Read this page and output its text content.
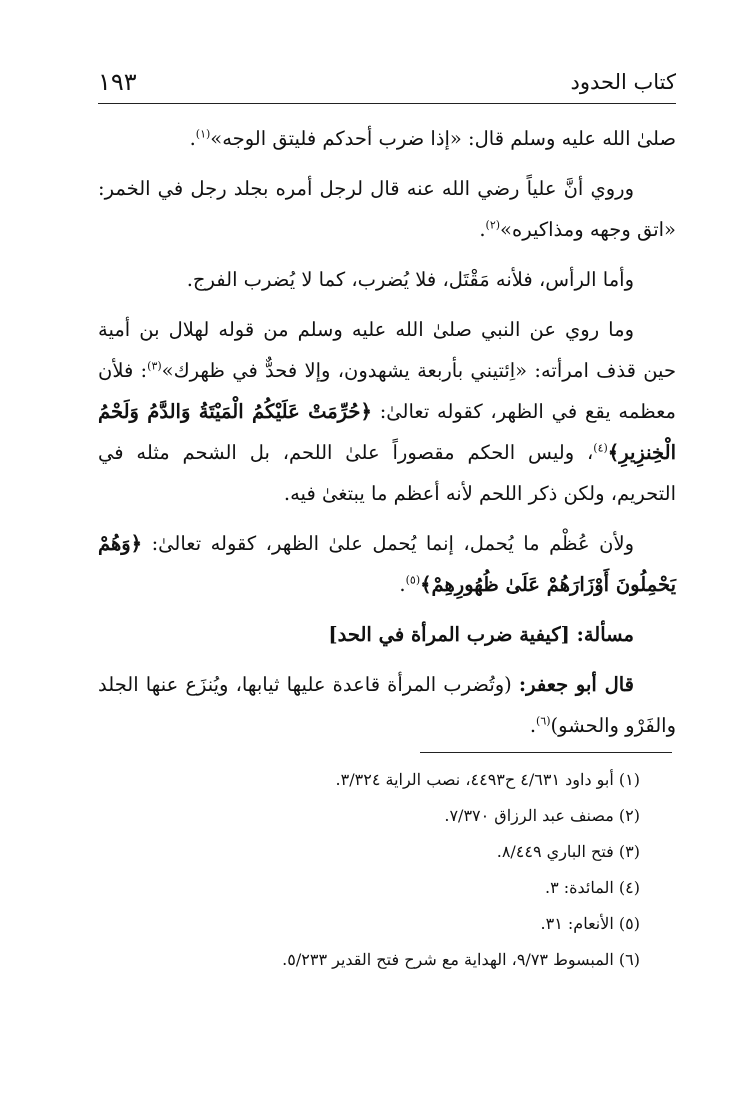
كتاب الحدود
١٩٣

صلىٰ الله عليه وسلم قال: «إذا ضرب أحدكم فليتق الوجه»$^{(١)}$.

وروي أنَّ علياً رضي الله عنه قال لرجل أمره بجلد رجل في الخمر: «اتق وجهه ومذاكيره»$^{(٢)}$.

وأما الرأس، فلأنه مَقْتَل، فلا يُضرب، كما لا يُضرب الفرج.

وما روي عن النبي صلىٰ الله عليه وسلم من قوله لهلال بن أمية حين قذف امرأته: «اِئتيني بأربعة يشهدون، وإلا فحدٌّ في ظهرك»$^{(٣)}$: فلأن معظمه يقع في الظهر، كقوله تعالىٰ: ﴿حُرِّمَتْ عَلَيْكُمُ الْمَيْتَةُ وَالدَّمُ وَلَحْمُ الْخِنزِيرِ﴾$^{(٤)}$، وليس الحكم مقصوراً علىٰ اللحم، بل الشحم مثله في التحريم، ولكن ذكر اللحم لأنه أعظم ما يبتغىٰ فيه.

ولأن عُظْم ما يُحمل، إنما يُحمل علىٰ الظهر، كقوله تعالىٰ: ﴿وَهُمْ يَحْمِلُونَ أَوْزَارَهُمْ عَلَىٰ ظُهُورِهِمْ﴾$^{(٥)}$.

مسألة: [كيفية ضرب المرأة في الحد]

قال أبو جعفر: (وتُضرب المرأة قاعدة عليها ثيابها، ويُنزَع عنها الجلد والفَرْو والحشو)$^{(٦)}$.

(١) أبو داود ٤/٦٣١ ح٤٤٩٣، نصب الراية ٣/٣٢٤.
(٢) مصنف عبد الرزاق ٧/٣٧٠.
(٣) فتح الباري ٨/٤٤٩.
(٤) المائدة: ٣.
(٥) الأنعام: ٣١.
(٦) المبسوط ٩/٧٣، الهداية مع شرح فتح القدير ٥/٢٣٣.
